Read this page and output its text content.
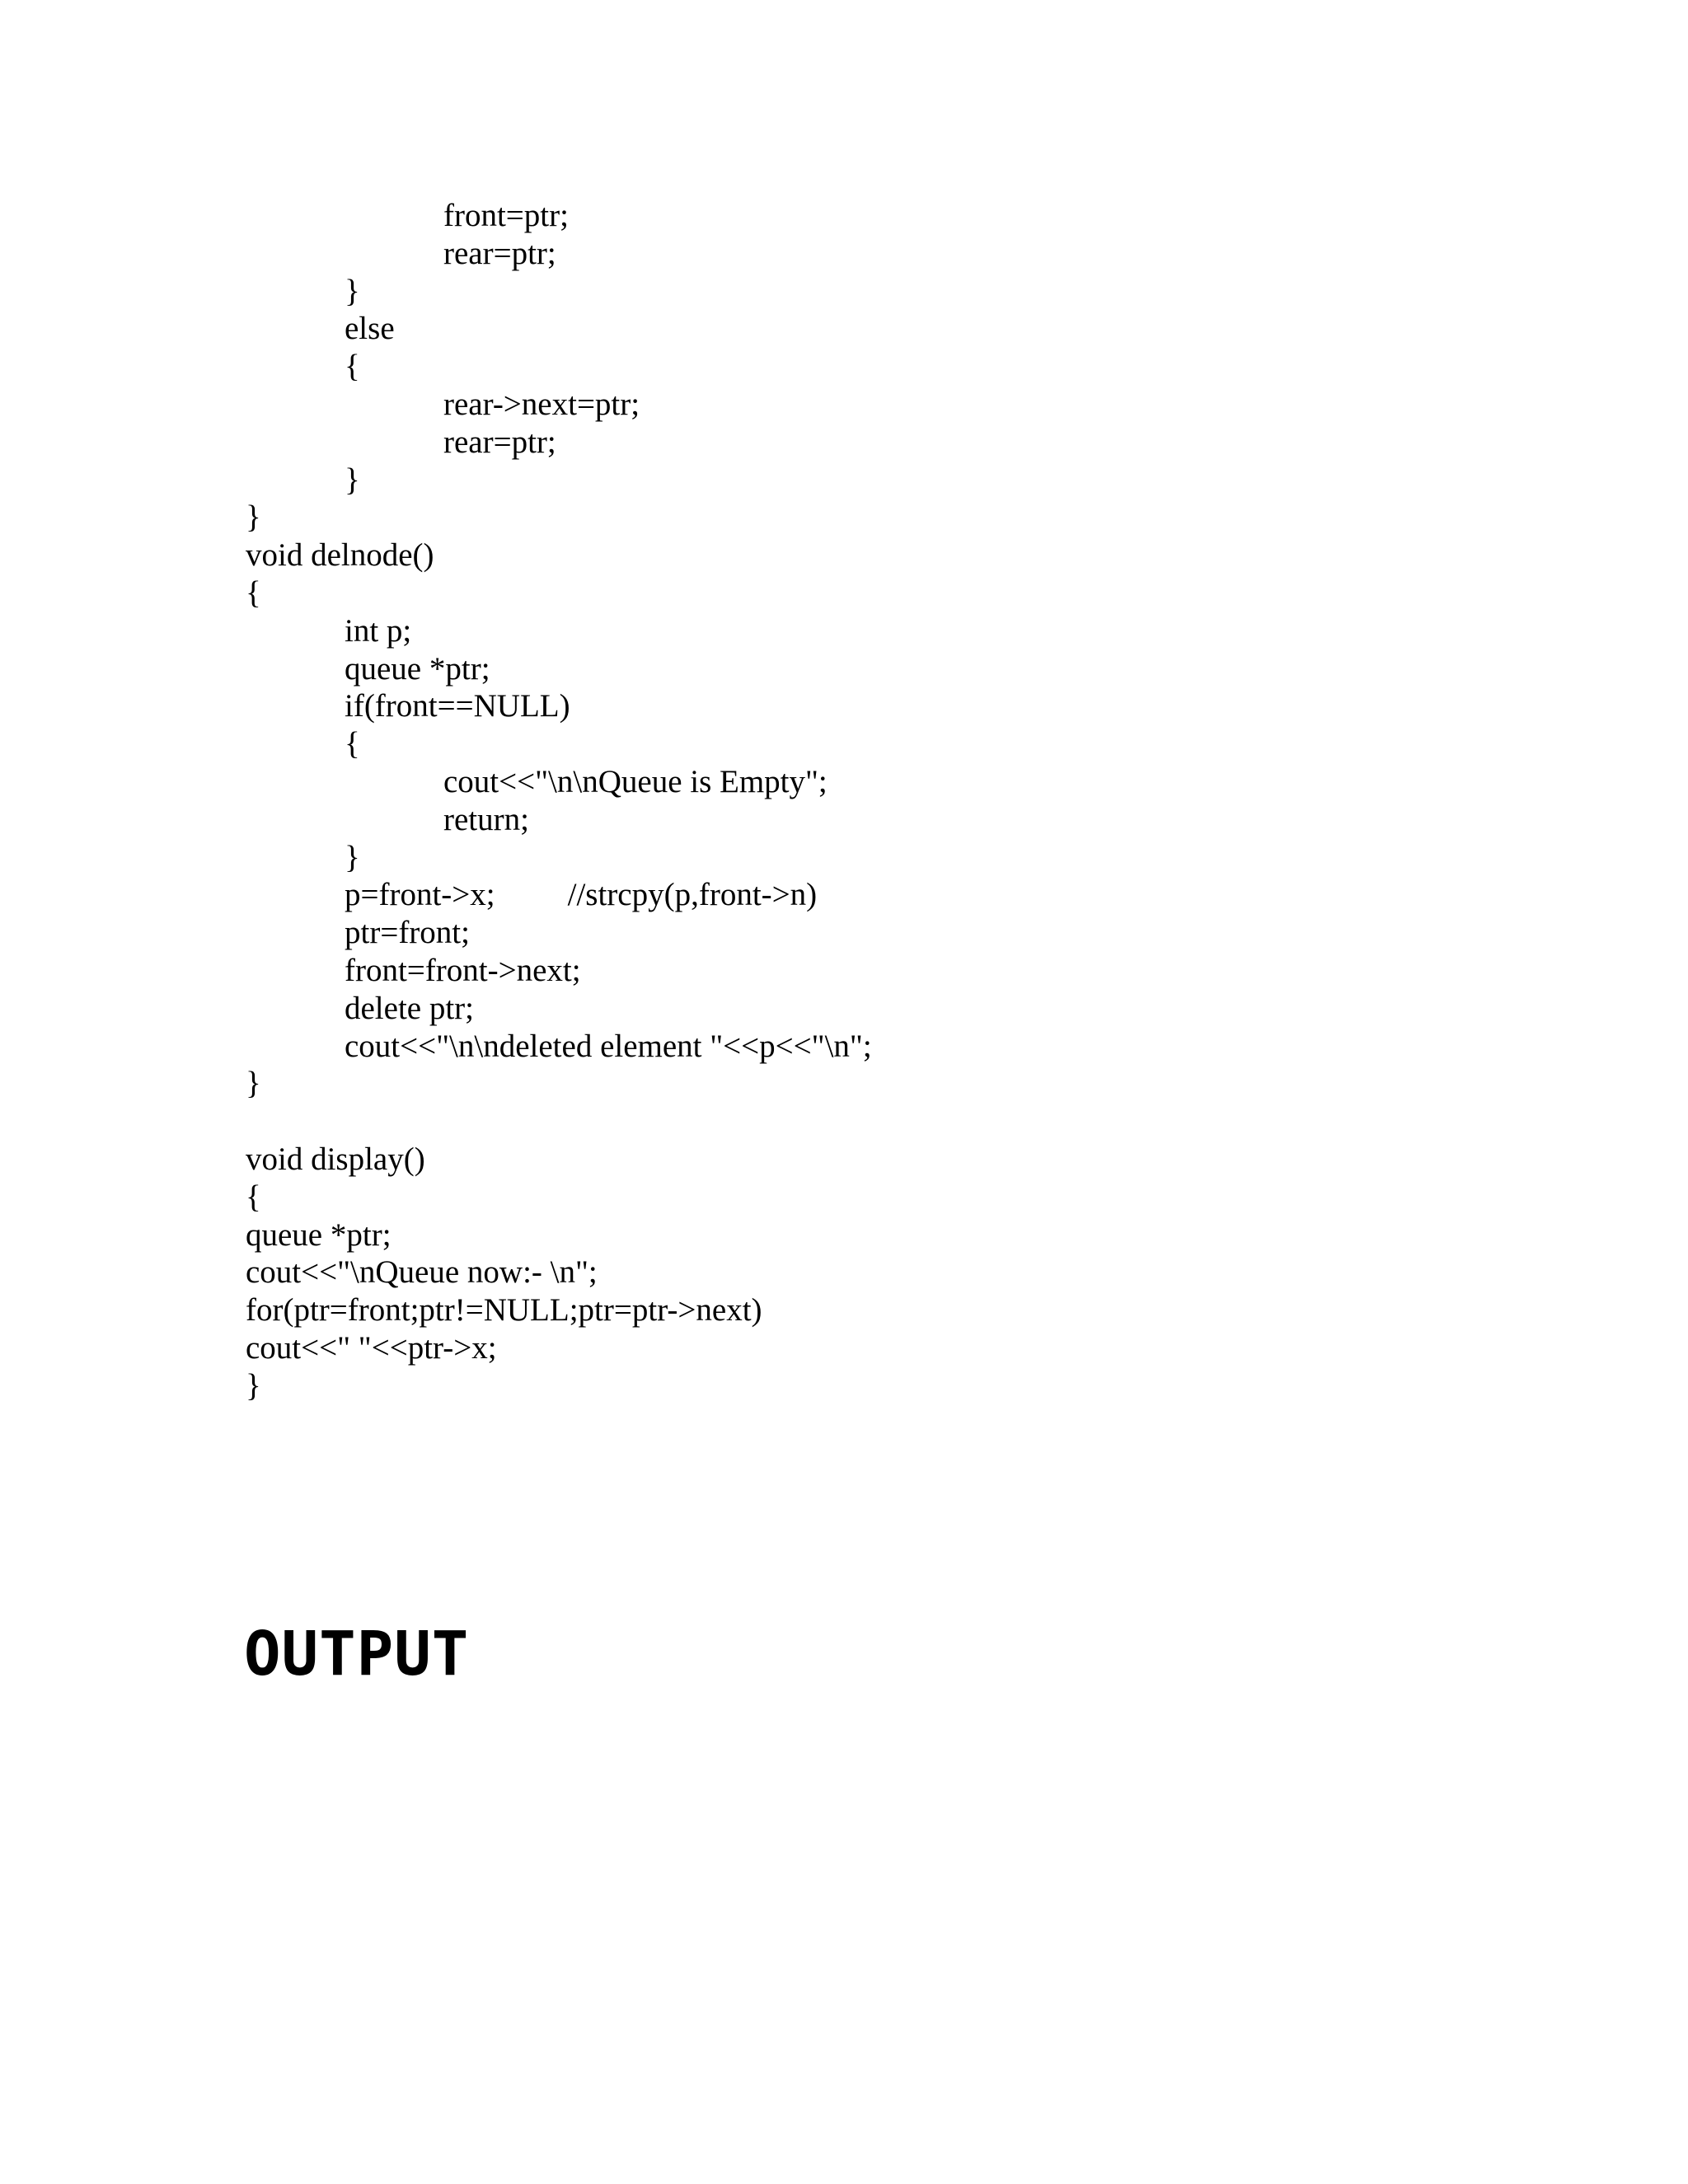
front=ptr;
rear=ptr;
}
else
{
rear->next=ptr;
rear=ptr;
}
}
void delnode()
{
int p;
queue *ptr;
if(front==NULL)
{
cout<<"\n\nQueue is Empty";
return;
}
p=front->x; //strcpy(p,front->n)
ptr=front;
front=front->next;
delete ptr;
cout<<"\n\ndeleted element "<<p<<"\n";
}
void display()
{
queue *ptr;
cout<<"\nQueue now:- \n";
for(ptr=front;ptr!=NULL;ptr=ptr->next)
cout<<" "<<ptr->x;
}
OUTPUT
